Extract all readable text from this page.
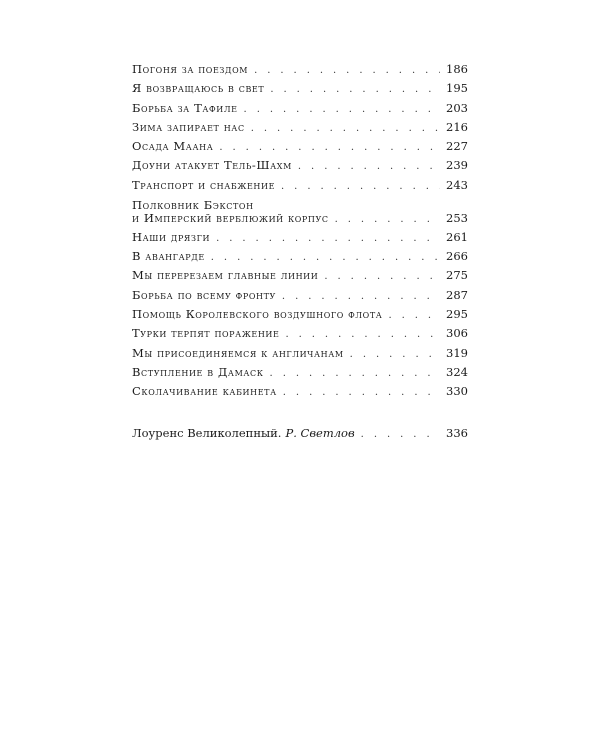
Погоня за поездом . . .	186
Я возвращаюсь в свет . . .	195
Борьба за Тафиле . . .	203
Зима запирает нас . . .	216
Осада Маана . . .	227
Доуни атакует Тель-Шахм . . .	239
Транспорт и снабжение . . .	243
Полковник Бэкстон
и Имперский верблюжий корпус . . .	253
Наши дрязги . . .	261
В авангарде . . .	266
Мы перерезаем главные линии . . .	275
Борьба по всему фронту . . .	287
Помощь Королевского воздушного флота . . .	295
Турки терпят поражение . . .	306
Мы присоединяемся к англичанам . . .	319
Вступление в Дамаск . . .	324
Сколачивание кабинета . . .	330
Лоуренс Великолепный. Р. Светлов . . .	336
